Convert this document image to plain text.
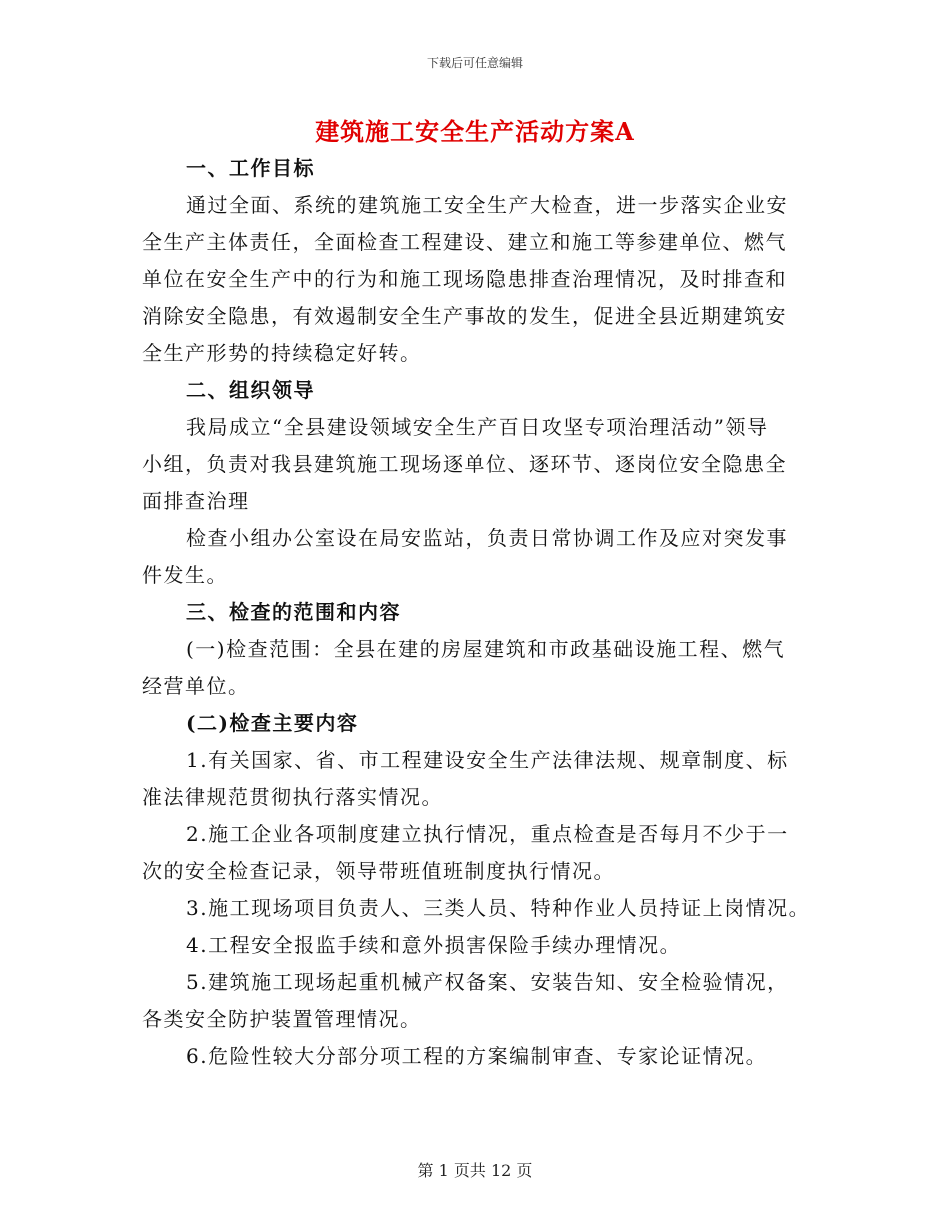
下载后可任意编辑
建筑施工安全生产活动方案A
一、工作目标
通过全面、系统的建筑施工安全生产大检查，进一步落实企业安
全生产主体责任，全面检查工程建设、建立和施工等参建单位、燃气
单位在安全生产中的行为和施工现场隐患排查治理情况，及时排查和
消除安全隐患，有效遏制安全生产事故的发生，促进全县近期建筑安
全生产形势的持续稳定好转。
二、组织领导
我局成立“全县建设领域安全生产百日攻坚专项治理活动”领导
小组，负责对我县建筑施工现场逐单位、逐环节、逐岗位安全隐患全
面排查治理
检查小组办公室设在局安监站，负责日常协调工作及应对突发事
件发生。
三、检查的范围和内容
(一)检查范围：全县在建的房屋建筑和市政基础设施工程、燃气
经营单位。
(二)检查主要内容
1.有关国家、省、市工程建设安全生产法律法规、规章制度、标
准法律规范贯彻执行落实情况。
2.施工企业各项制度建立执行情况，重点检查是否每月不少于一
次的安全检查记录，领导带班值班制度执行情况。
3.施工现场项目负责人、三类人员、特种作业人员持证上岗情况。
4.工程安全报监手续和意外损害保险手续办理情况。
5.建筑施工现场起重机械产权备案、安装告知、安全检验情况，
各类安全防护装置管理情况。
6.危险性较大分部分项工程的方案编制审查、专家论证情况。
第 1 页共 12 页
